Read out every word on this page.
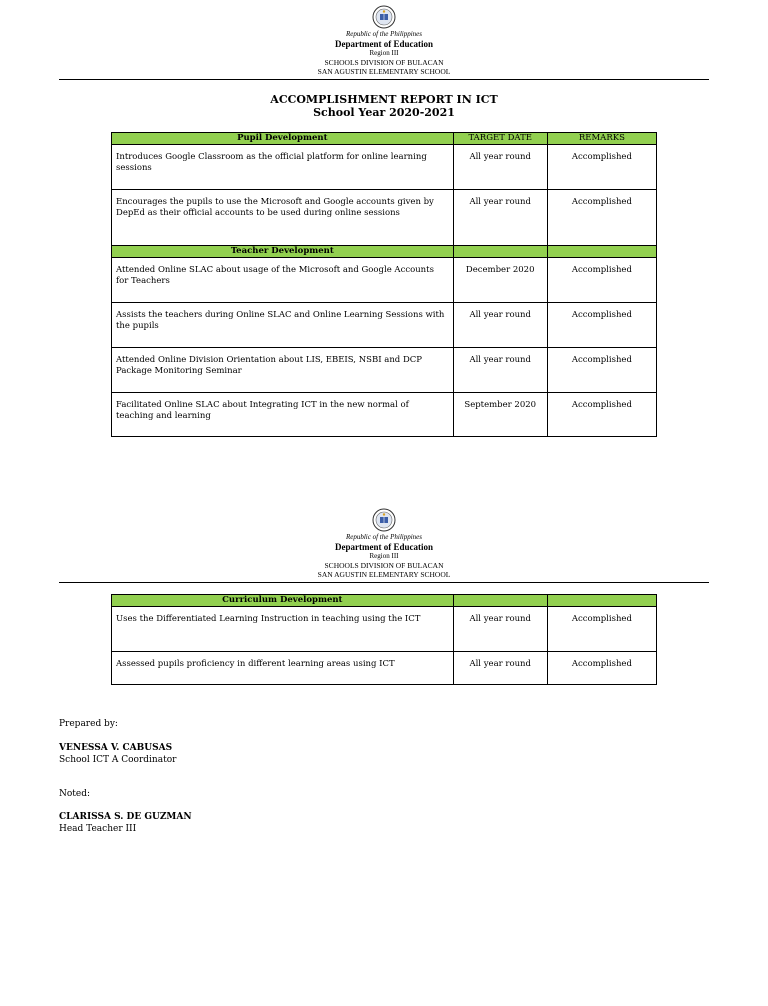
Republic of the Philippines
Department of Education
Region III
SCHOOLS DIVISION OF BULACAN
SAN AGUSTIN ELEMENTARY SCHOOL
ACCOMPLISHMENT REPORT IN ICT
School Year 2020-2021
Pupil Development	TARGET DATE	REMARKS
Introduces Google Classroom as the official platform for online learning sessions	All year round	Accomplished
Encourages the pupils to use the Microsoft and Google accounts given by DepEd as their official accounts to be used during online sessions	All year round	Accomplished
Teacher Development		
Attended Online SLAC about usage of the Microsoft and Google Accounts for Teachers	December 2020	Accomplished
Assists the teachers during Online SLAC and Online Learning Sessions with the pupils	All year round	Accomplished
Attended Online Division Orientation about LIS, EBEIS, NSBI and DCP Package Monitoring Seminar	All year round	Accomplished
Facilitated Online SLAC about Integrating ICT in the new normal of teaching and learning	September 2020	Accomplished
Republic of the Philippines
Department of Education
Region III
SCHOOLS DIVISION OF BULACAN
SAN AGUSTIN ELEMENTARY SCHOOL
Curriculum Development		
Uses the Differentiated Learning Instruction in teaching using the ICT	All year round	Accomplished
Assessed pupils proficiency in different learning areas using ICT	All year round	Accomplished
Prepared by:
VENESSA V. CABUSAS
School ICT A Coordinator
Noted:
CLARISSA S. DE GUZMAN
Head Teacher III
